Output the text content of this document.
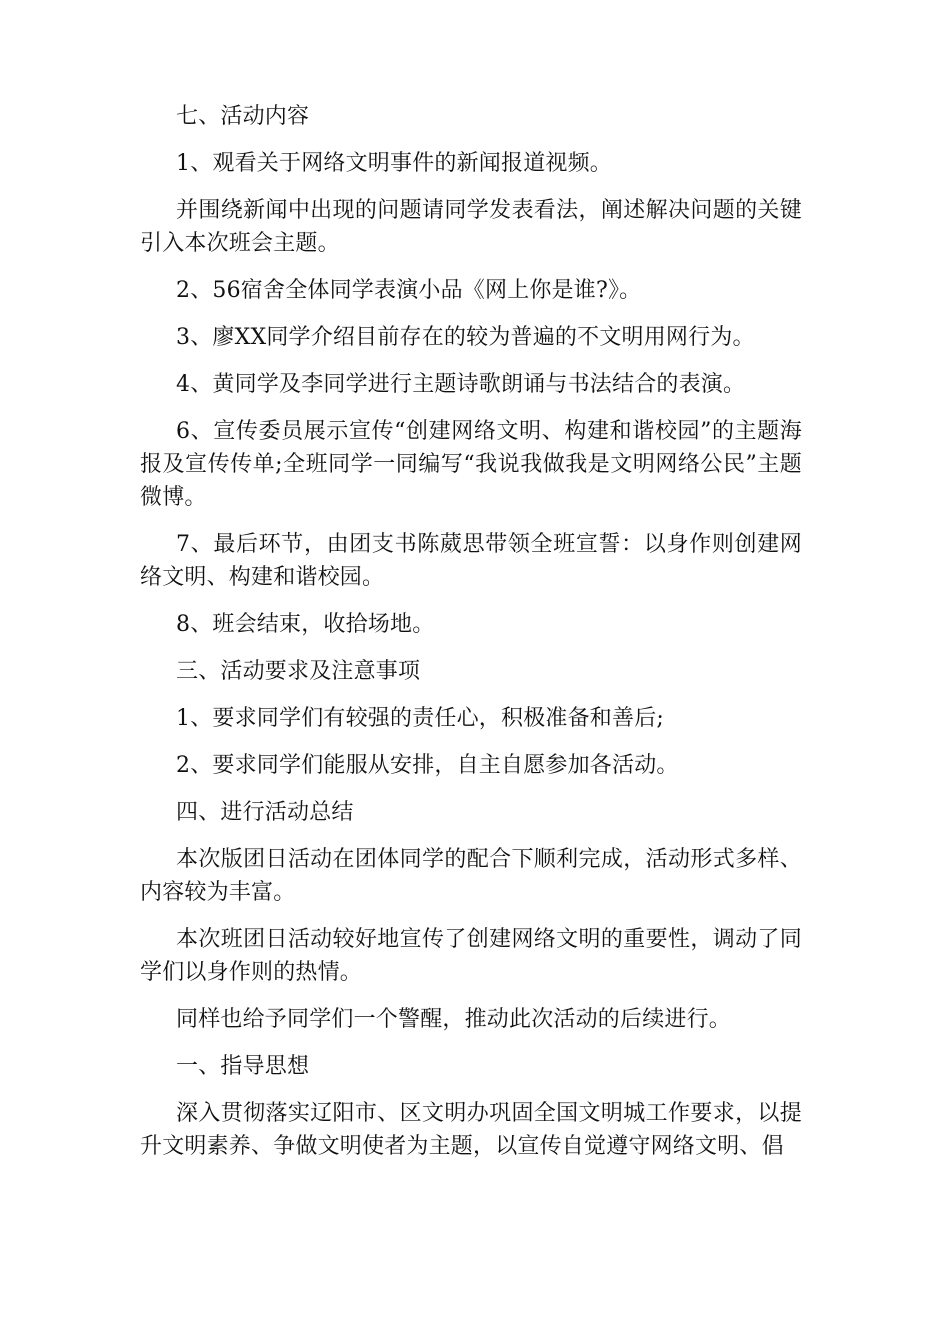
七、活动内容

1、观看关于网络文明事件的新闻报道视频。

并围绕新闻中出现的问题请同学发表看法，阐述解决问题的关键引入本次班会主题。

2、56宿舍全体同学表演小品《网上你是谁?》。

3、廖XX同学介绍目前存在的较为普遍的不文明用网行为。

4、黄同学及李同学进行主题诗歌朗诵与书法结合的表演。

6、宣传委员展示宣传“创建网络文明、构建和谐校园”的主题海报及宣传传单;全班同学一同编写“我说我做我是文明网络公民”主题微博。

7、最后环节，由团支书陈葳思带领全班宣誓：以身作则创建网络文明、构建和谐校园。

8、班会结束，收拾场地。

三、活动要求及注意事项

1、要求同学们有较强的责任心，积极准备和善后;

2、要求同学们能服从安排，自主自愿参加各活动。

四、进行活动总结

本次版团日活动在团体同学的配合下顺利完成，活动形式多样、内容较为丰富。

本次班团日活动较好地宣传了创建网络文明的重要性，调动了同学们以身作则的热情。

同样也给予同学们一个警醒，推动此次活动的后续进行。

一、指导思想

深入贯彻落实辽阳市、区文明办巩固全国文明城工作要求，以提升文明素养、争做文明使者为主题，以宣传自觉遵守网络文明、倡
